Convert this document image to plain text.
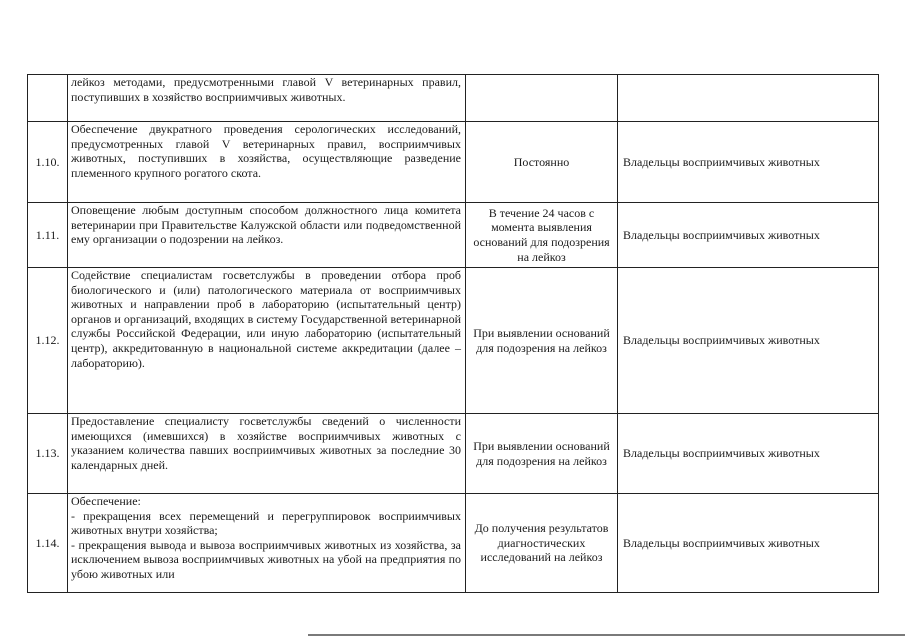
	лейкоз методами, предусмотренными главой V ветеринарных правил, поступивших в хозяйство восприимчивых животных.		

1.10.	Обеспечение двукратного проведения серологических исследований, предусмотренных главой V ветеринарных правил, восприимчивых животных, поступивших в хозяйства, осуществляющие разведение племенного крупного рогатого скота.	Постоянно	Владельцы восприимчивых животных
1.11.	Оповещение любым доступным способом должностного лица комитета ветеринарии при Правительстве Калужской области или подведомственной ему организации о подозрении на лейкоз.	В течение 24 часов с момента выявления оснований для подозрения на лейкоз	Владельцы восприимчивых животных
1.12.	Содействие специалистам госветслужбы в проведении отбора проб биологического и (или) патологического материала от восприимчивых животных и направлении проб в лабораторию (испытательный центр) органов и организаций, входящих в систему Государственной ветеринарной службы Российской Федерации, или иную лабораторию (испытательный центр), аккредитованную в национальной системе аккредитации (далее – лабораторию).	При выявлении оснований для подозрения на лейкоз	Владельцы восприимчивых животных
1.13.	Предоставление специалисту госветслужбы сведений о численности имеющихся (имевшихся) в хозяйстве восприимчивых животных с указанием количества павших восприимчивых животных за последние 30 календарных дней.	При выявлении оснований для подозрения на лейкоз	Владельцы восприимчивых животных
1.14.	Обеспечение:
- прекращения всех перемещений и перегруппировок восприимчивых животных внутри хозяйства;
- прекращения вывода и вывоза восприимчивых животных из хозяйства, за исключением вывоза восприимчивых животных на убой на предприятия по убою животных или	До получения результатов диагностических исследований на лейкоз	Владельцы восприимчивых животных
